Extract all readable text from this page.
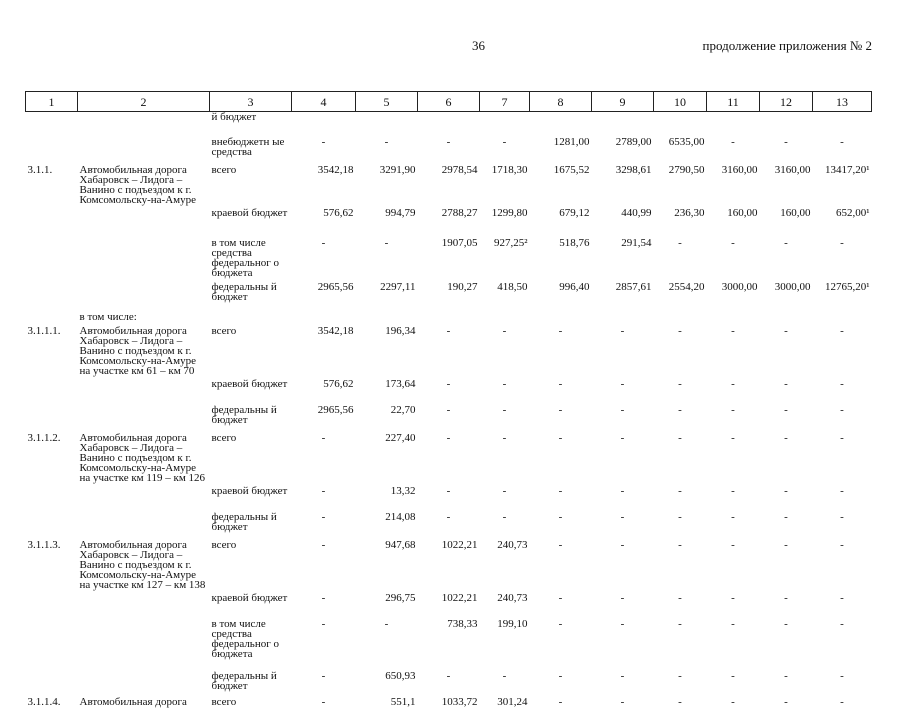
36	продолжение приложения № 2
1	2	3	4	5	6	7	8	9	10	11	12	13
		й бюджет										
		внебюджетн ые средства	-	-	-	-	1281,00	2789,00	6535,00	-	-	-
3.1.1.	Автомобильная дорога Хабаровск – Лидога – Ванино с подъездом к г. Комсомольску-на-Амуре	всего	3542,18	3291,90	2978,54	1718,30	1675,52	3298,61	2790,50	3160,00	3160,00	13417,20¹
		краевой бюджет	576,62	994,79	2788,27	1299,80	679,12	440,99	236,30	160,00	160,00	652,00¹
		в том числе средства федеральног о бюджета	-	-	1907,05	927,25²	518,76	291,54	-	-	-	-
		федеральны й бюджет	2965,56	2297,11	190,27	418,50	996,40	2857,61	2554,20	3000,00	3000,00	12765,20¹
	в том числе:											
3.1.1.1.	Автомобильная дорога Хабаровск – Лидога – Ванино с подъездом к г. Комсомольску-на-Амуре на участке км 61 – км 70	всего	3542,18	196,34	-	-	-	-	-	-	-	-
		краевой бюджет	576,62	173,64	-	-	-	-	-	-	-	-
		федеральны й бюджет	2965,56	22,70	-	-	-	-	-	-	-	-
3.1.1.2.	Автомобильная дорога Хабаровск – Лидога – Ванино с подъездом к г. Комсомольску-на-Амуре на участке км 119 – км 126	всего	-	227,40	-	-	-	-	-	-	-	-
		краевой бюджет	-	13,32	-	-	-	-	-	-	-	-
		федеральны й бюджет	-	214,08	-	-	-	-	-	-	-	-
3.1.1.3.	Автомобильная дорога Хабаровск – Лидога – Ванино с подъездом к г. Комсомольску-на-Амуре на участке км 127 – км 138	всего	-	947,68	1022,21	240,73	-	-	-	-	-	-
		краевой бюджет	-	296,75	1022,21	240,73	-	-	-	-	-	-
		в том числе средства федеральног о бюджета	-	-	738,33	199,10	-	-	-	-	-	-
		федеральны й бюджет	-	650,93	-	-	-	-	-	-	-	-
3.1.1.4.	Автомобильная дорога	всего	-	551,1	1033,72	301,24	-	-	-	-	-	-
